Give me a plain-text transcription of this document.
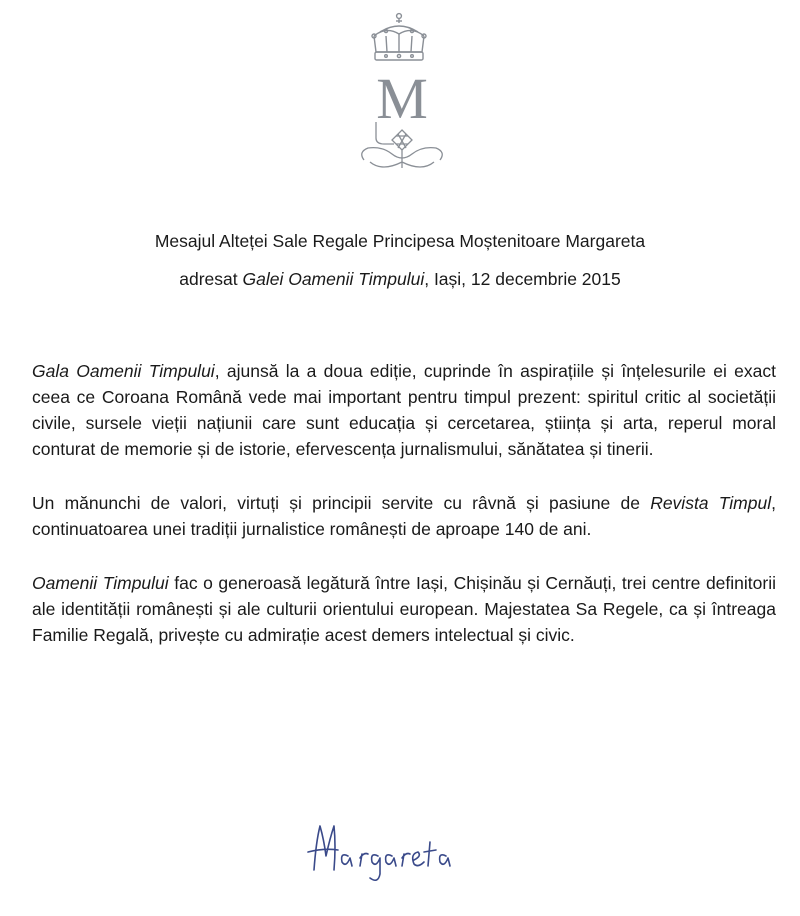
M

Mesajul Alteței Sale Regale Principesa Moștenitoare Margareta

adresat Galei Oamenii Timpului, Iași, 12 decembrie 2015

Gala Oamenii Timpului, ajunsă la a doua ediție, cuprinde în aspirațiile și înțelesurile ei exact ceea ce Coroana Română vede mai important pentru timpul prezent: spiritul critic al societății civile, sursele vieții națiunii care sunt educația și cercetarea, știința și arta, reperul moral conturat de memorie și de istorie, efervescența jurnalismului, sănătatea și tinerii.

Un mănunchi de valori, virtuți și principii servite cu râvnă și pasiune de Revista Timpul, continuatoarea unei tradiții jurnalistice românești de aproape 140 de ani.

Oamenii Timpului fac o generoasă legătură între Iași, Chișinău și Cernăuți, trei centre definitorii ale identității românești și ale culturii orientului european. Majestatea Sa Regele, ca și întreaga Familie Regală, privește cu admirație acest demers intelectual și civic.
